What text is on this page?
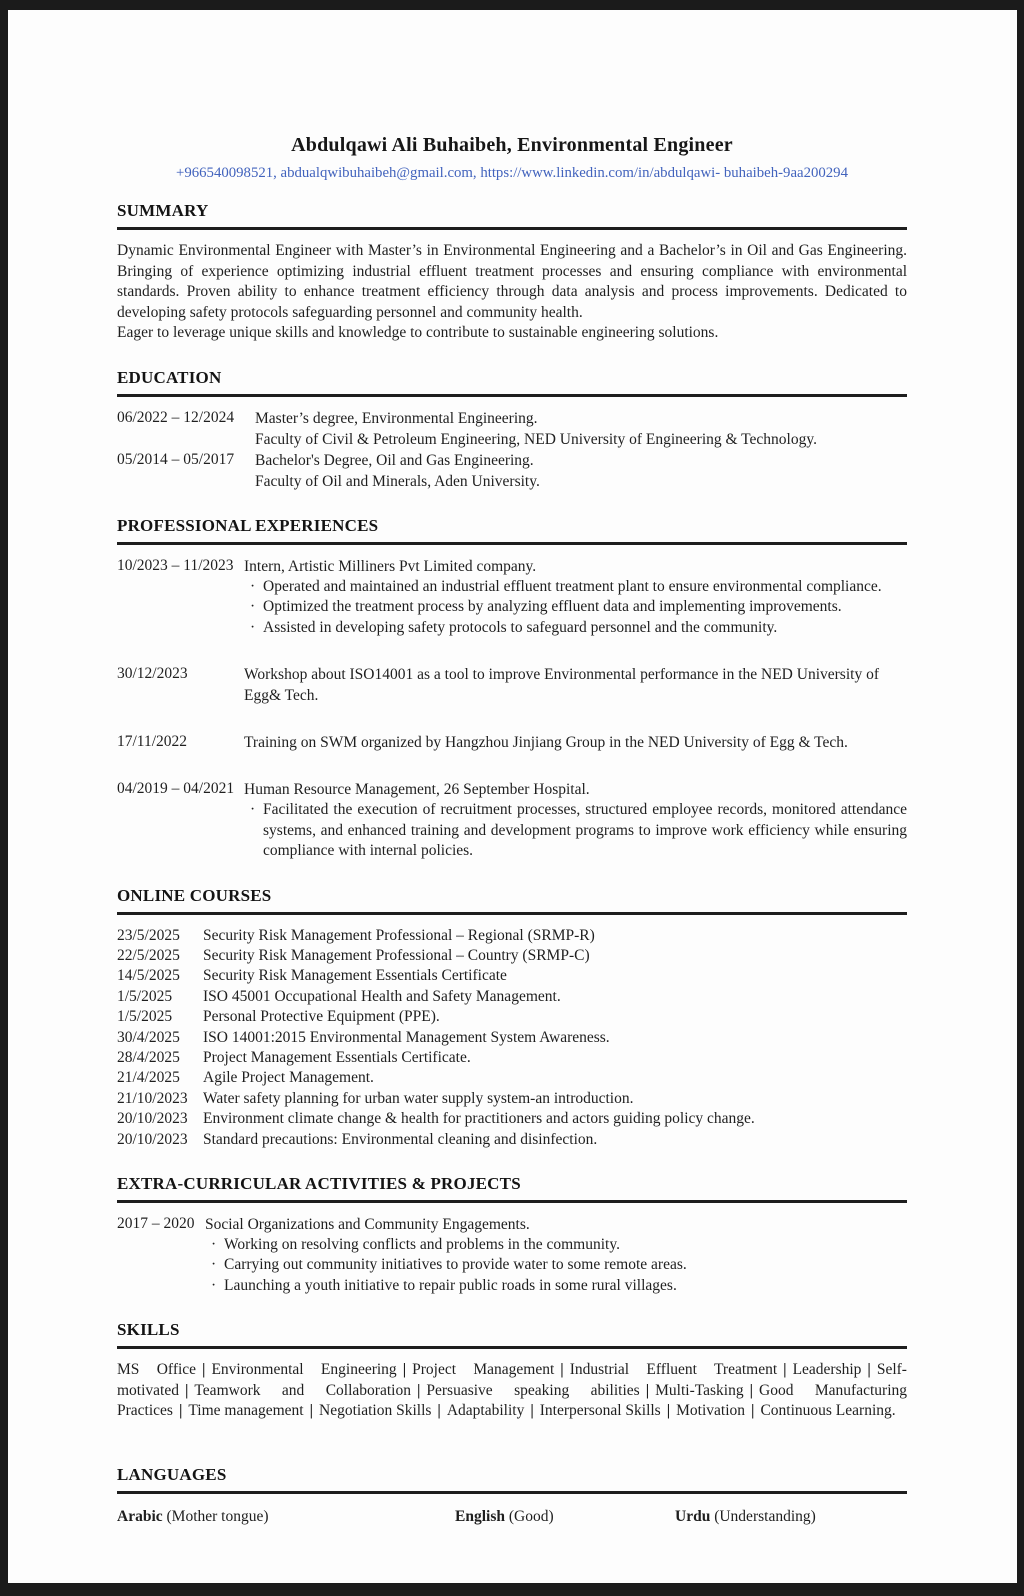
Abdulqawi Ali Buhaibeh, Environmental Engineer
+966540098521, abdualqwibuhaibeh@gmail.com, https://www.linkedin.com/in/abdulqawi- buhaibeh-9aa200294
SUMMARY

Dynamic Environmental Engineer with Master’s in Environmental Engineering and a Bachelor’s in Oil and Gas Engineering. Bringing of experience optimizing industrial effluent treatment processes and ensuring compliance with environmental standards. Proven ability to enhance treatment efficiency through data analysis and process improvements. Dedicated to developing safety protocols safeguarding personnel and community health.

Eager to leverage unique skills and knowledge to contribute to sustainable engineering solutions.

EDUCATION
06/2022 – 12/2024	Master’s degree, Environmental Engineering.
Faculty of Civil & Petroleum Engineering, NED University of Engineering & Technology.
05/2014 – 05/2017	Bachelor's Degree, Oil and Gas Engineering.
Faculty of Oil and Minerals, Aden University.
PROFESSIONAL EXPERIENCES
10/2023 – 11/2023 Intern, Artistic Milliners Pvt Limited company.
· Operated and maintained an industrial effluent treatment plant to ensure environmental compliance.
· Optimized the treatment process by analyzing effluent data and implementing improvements.
· Assisted in developing safety protocols to safeguard personnel and the community.
30/12/2023	Workshop about ISO14001 as a tool to improve Environmental performance in the NED University of Egg& Tech.
17/11/2022	Training on SWM organized by Hangzhou Jinjiang Group in the NED University of Egg & Tech.
04/2019 – 04/2021 Human Resource Management, 26 September Hospital.
· Facilitated the execution of recruitment processes, structured employee records, monitored attendance systems, and enhanced training and development programs to improve work efficiency while ensuring compliance with internal policies.
ONLINE COURSES
23/5/2025	Security Risk Management Professional – Regional (SRMP-R)
22/5/2025	Security Risk Management Professional – Country (SRMP-C)
14/5/2025	Security Risk Management Essentials Certificate
1/5/2025	ISO 45001 Occupational Health and Safety Management.
1/5/2025	Personal Protective Equipment (PPE).
30/4/2025	ISO 14001:2015 Environmental Management System Awareness.
28/4/2025	Project Management Essentials Certificate.
21/4/2025	Agile Project Management.
21/10/2023 Water safety planning for urban water supply system-an introduction.
20/10/2023 Environment climate change & health for practitioners and actors guiding policy change.
20/10/2023 Standard precautions: Environmental cleaning and disinfection.
EXTRA-CURRICULAR ACTIVITIES & PROJECTS
2017 – 2020 Social Organizations and Community Engagements.
· Working on resolving conflicts and problems in the community.
· Carrying out community initiatives to provide water to some remote areas.
· Launching a youth initiative to repair public roads in some rural villages.
SKILLS

MS Office | Environmental Engineering | Project Management | Industrial Effluent Treatment | Leadership | Self-motivated | Teamwork and Collaboration | Persuasive speaking abilities | Multi-Tasking | Good Manufacturing Practices | Time management | Negotiation Skills | Adaptability | Interpersonal Skills | Motivation | Continuous Learning.

LANGUAGES
Arabic (Mother tongue)	English (Good)	Urdu (Understanding)
